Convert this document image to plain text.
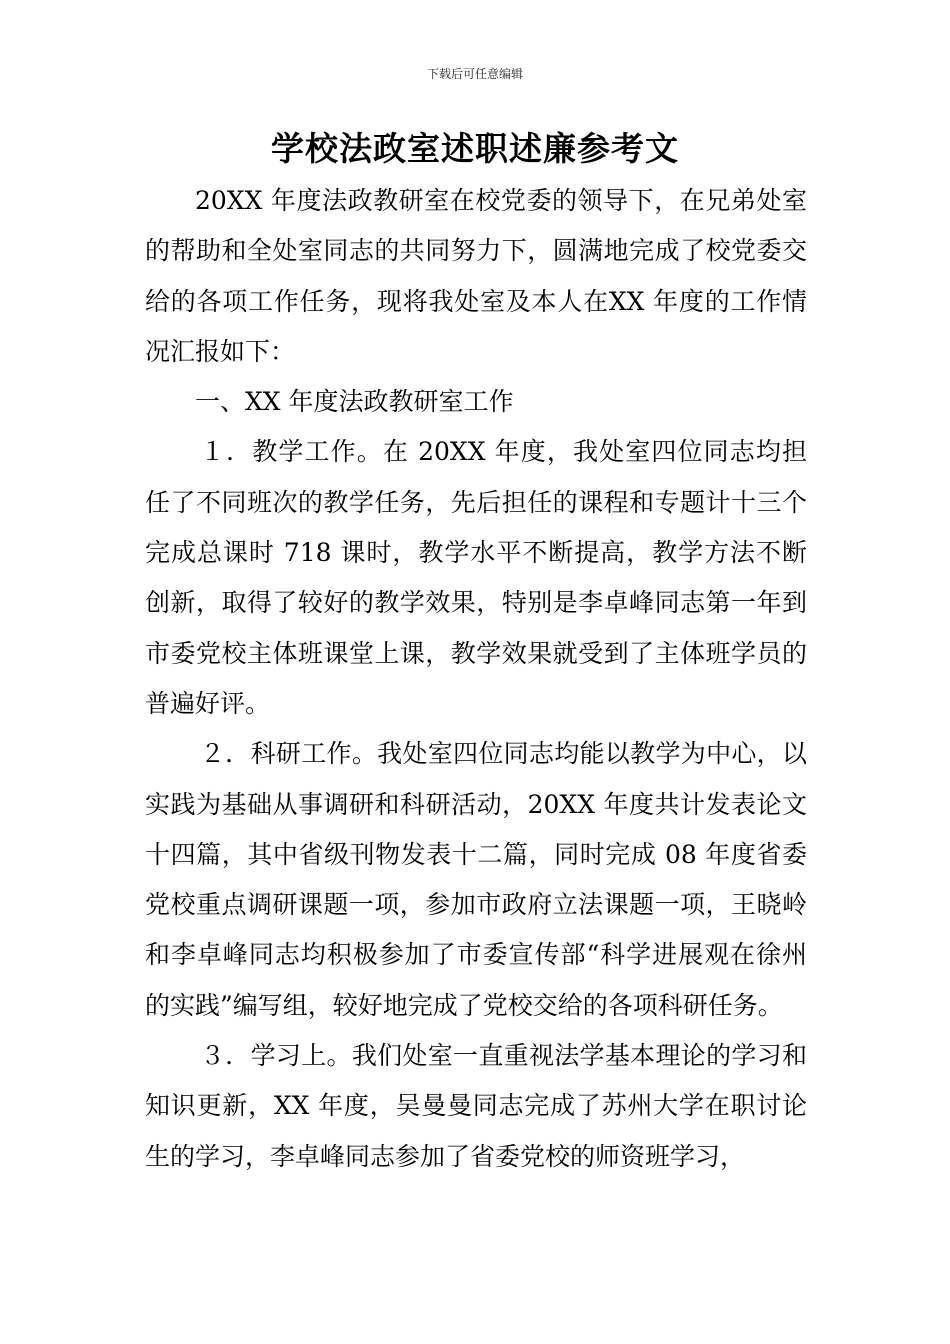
下载后可任意编辑
学校法政室述职述廉参考文

20XX 年度法政教研室在校党委的领导下，在兄弟处室的帮助和全处室同志的共同努力下，圆满地完成了校党委交给的各项工作任务，现将我处室及本人在XX 年度的工作情况汇报如下：

一、XX 年度法政教研室工作

１．教学工作。在 20XX 年度，我处室四位同志均担任了不同班次的教学任务，先后担任的课程和专题计十三个完成总课时 718 课时，教学水平不断提高，教学方法不断创新，取得了较好的教学效果，特别是李卓峰同志第一年到市委党校主体班课堂上课，教学效果就受到了主体班学员的普遍好评。

２．科研工作。我处室四位同志均能以教学为中心，以实践为基础从事调研和科研活动，20XX 年度共计发表论文十四篇，其中省级刊物发表十二篇，同时完成 08 年度省委党校重点调研课题一项，参加市政府立法课题一项，王晓岭和李卓峰同志均积极参加了市委宣传部“科学进展观在徐州的实践”编写组，较好地完成了党校交给的各项科研任务。

３．学习上。我们处室一直重视法学基本理论的学习和知识更新，XX 年度，吴曼曼同志完成了苏州大学在职讨论生的学习，李卓峰同志参加了省委党校的师资班学习，
